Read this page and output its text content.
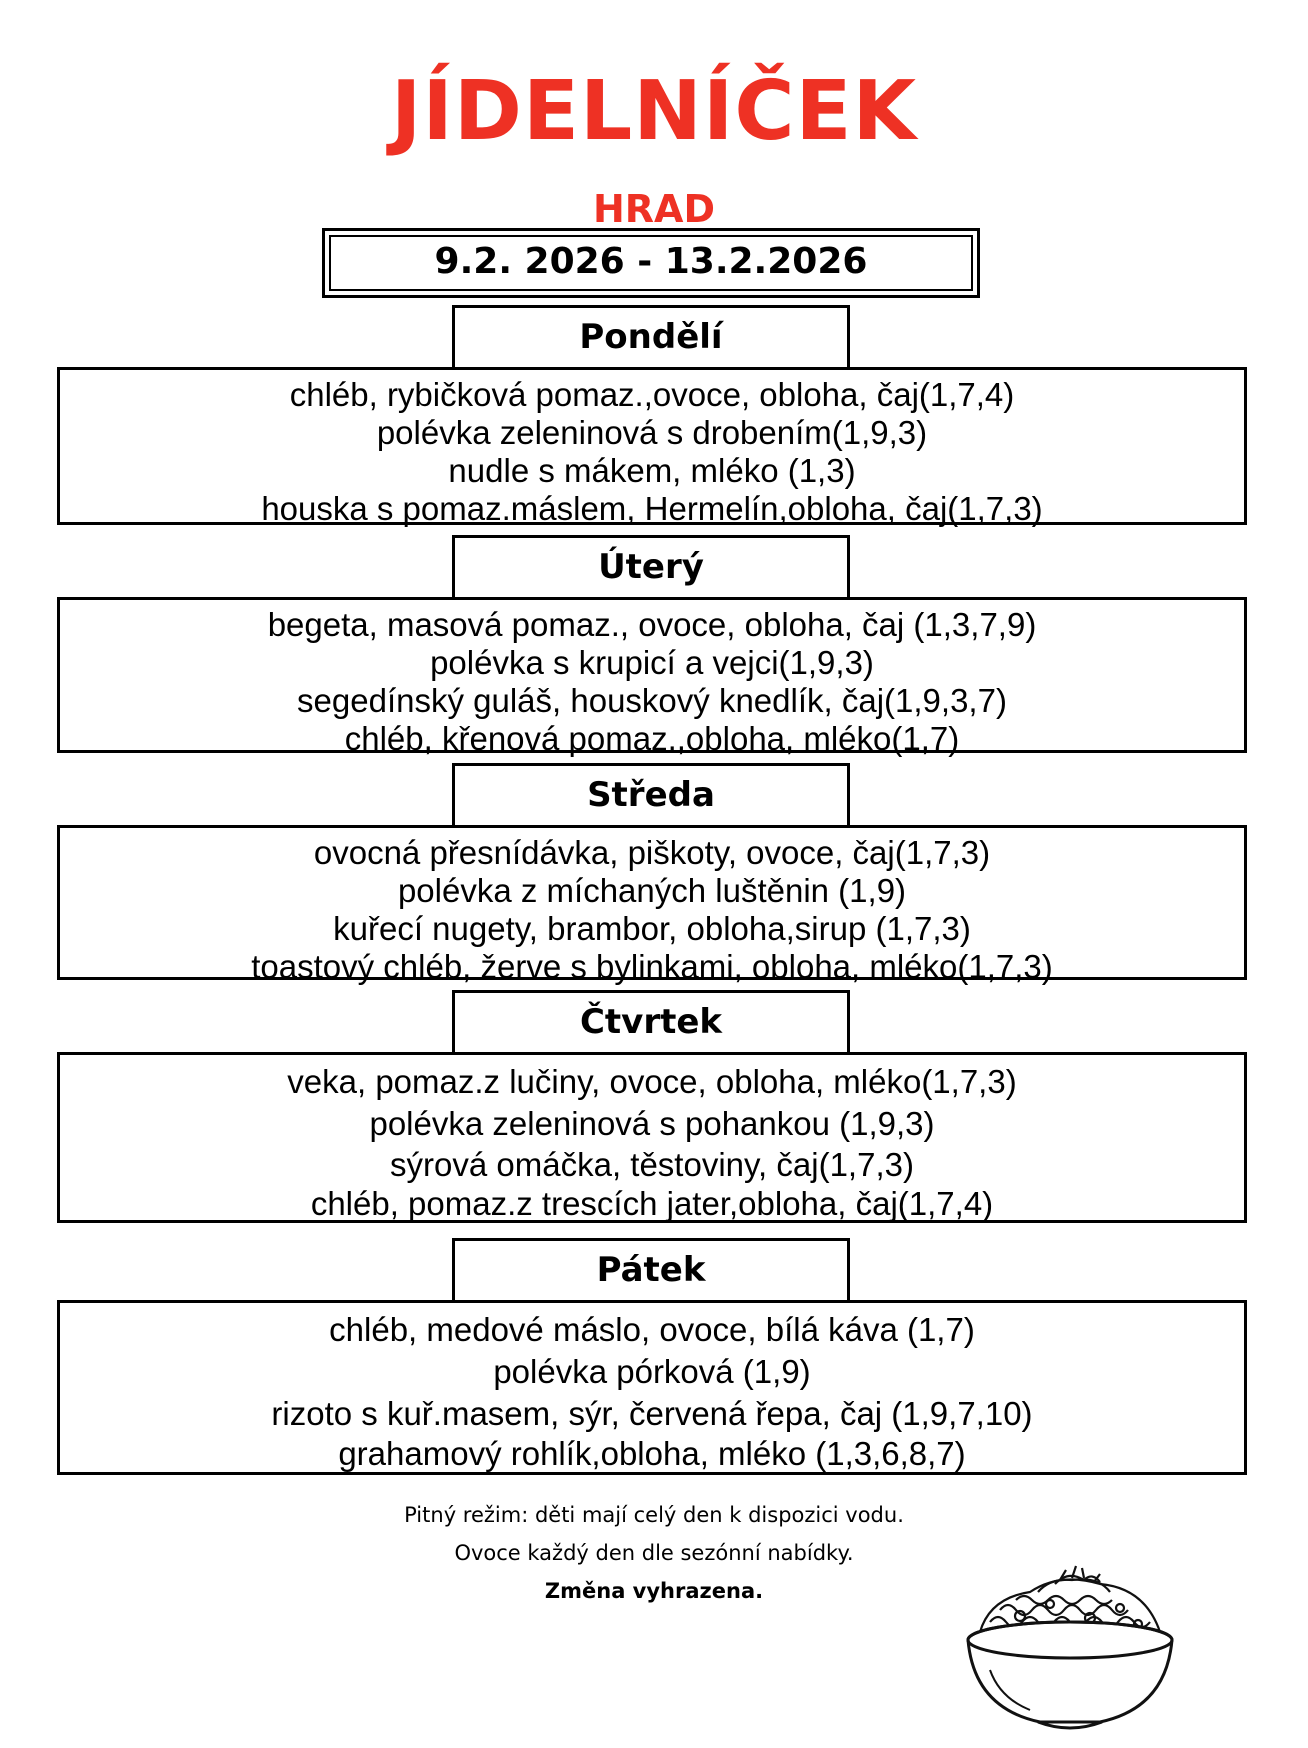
JÍDELNÍČEK
HRAD
9.2. 2026 - 13.2.2026
Pondělí
chléb, rybičková pomaz.,ovoce, obloha, čaj(1,7,4)
polévka zeleninová s drobením(1,9,3)
nudle s mákem, mléko (1,3)
houska s pomaz.máslem, Hermelín,obloha, čaj(1,7,3)
Úterý
begeta, masová pomaz., ovoce, obloha, čaj (1,3,7,9)
polévka s krupicí a vejci(1,9,3)
segedínský guláš, houskový knedlík, čaj(1,9,3,7)
chléb, křenová pomaz.,obloha, mléko(1,7)
Středa
ovocná přesnídávka, piškoty, ovoce, čaj(1,7,3)
polévka z míchaných luštěnin (1,9)
kuřecí nugety, brambor, obloha,sirup (1,7,3)
toastový chléb, žerve s bylinkami, obloha, mléko(1,7,3)
Čtvrtek
veka, pomaz.z lučiny, ovoce, obloha, mléko(1,7,3)
polévka zeleninová s pohankou (1,9,3)
sýrová omáčka, těstoviny, čaj(1,7,3)
chléb, pomaz.z trescích jater,obloha, čaj(1,7,4)
Pátek
chléb, medové máslo, ovoce, bílá káva (1,7)
polévka pórková (1,9)
rizoto s kuř.masem, sýr, červená řepa, čaj (1,9,7,10)
grahamový rohlík,obloha, mléko (1,3,6,8,7)
Pitný režim: děti mají celý den k dispozici vodu.
Ovoce každý den dle sezónní nabídky.
Změna vyhrazena.
